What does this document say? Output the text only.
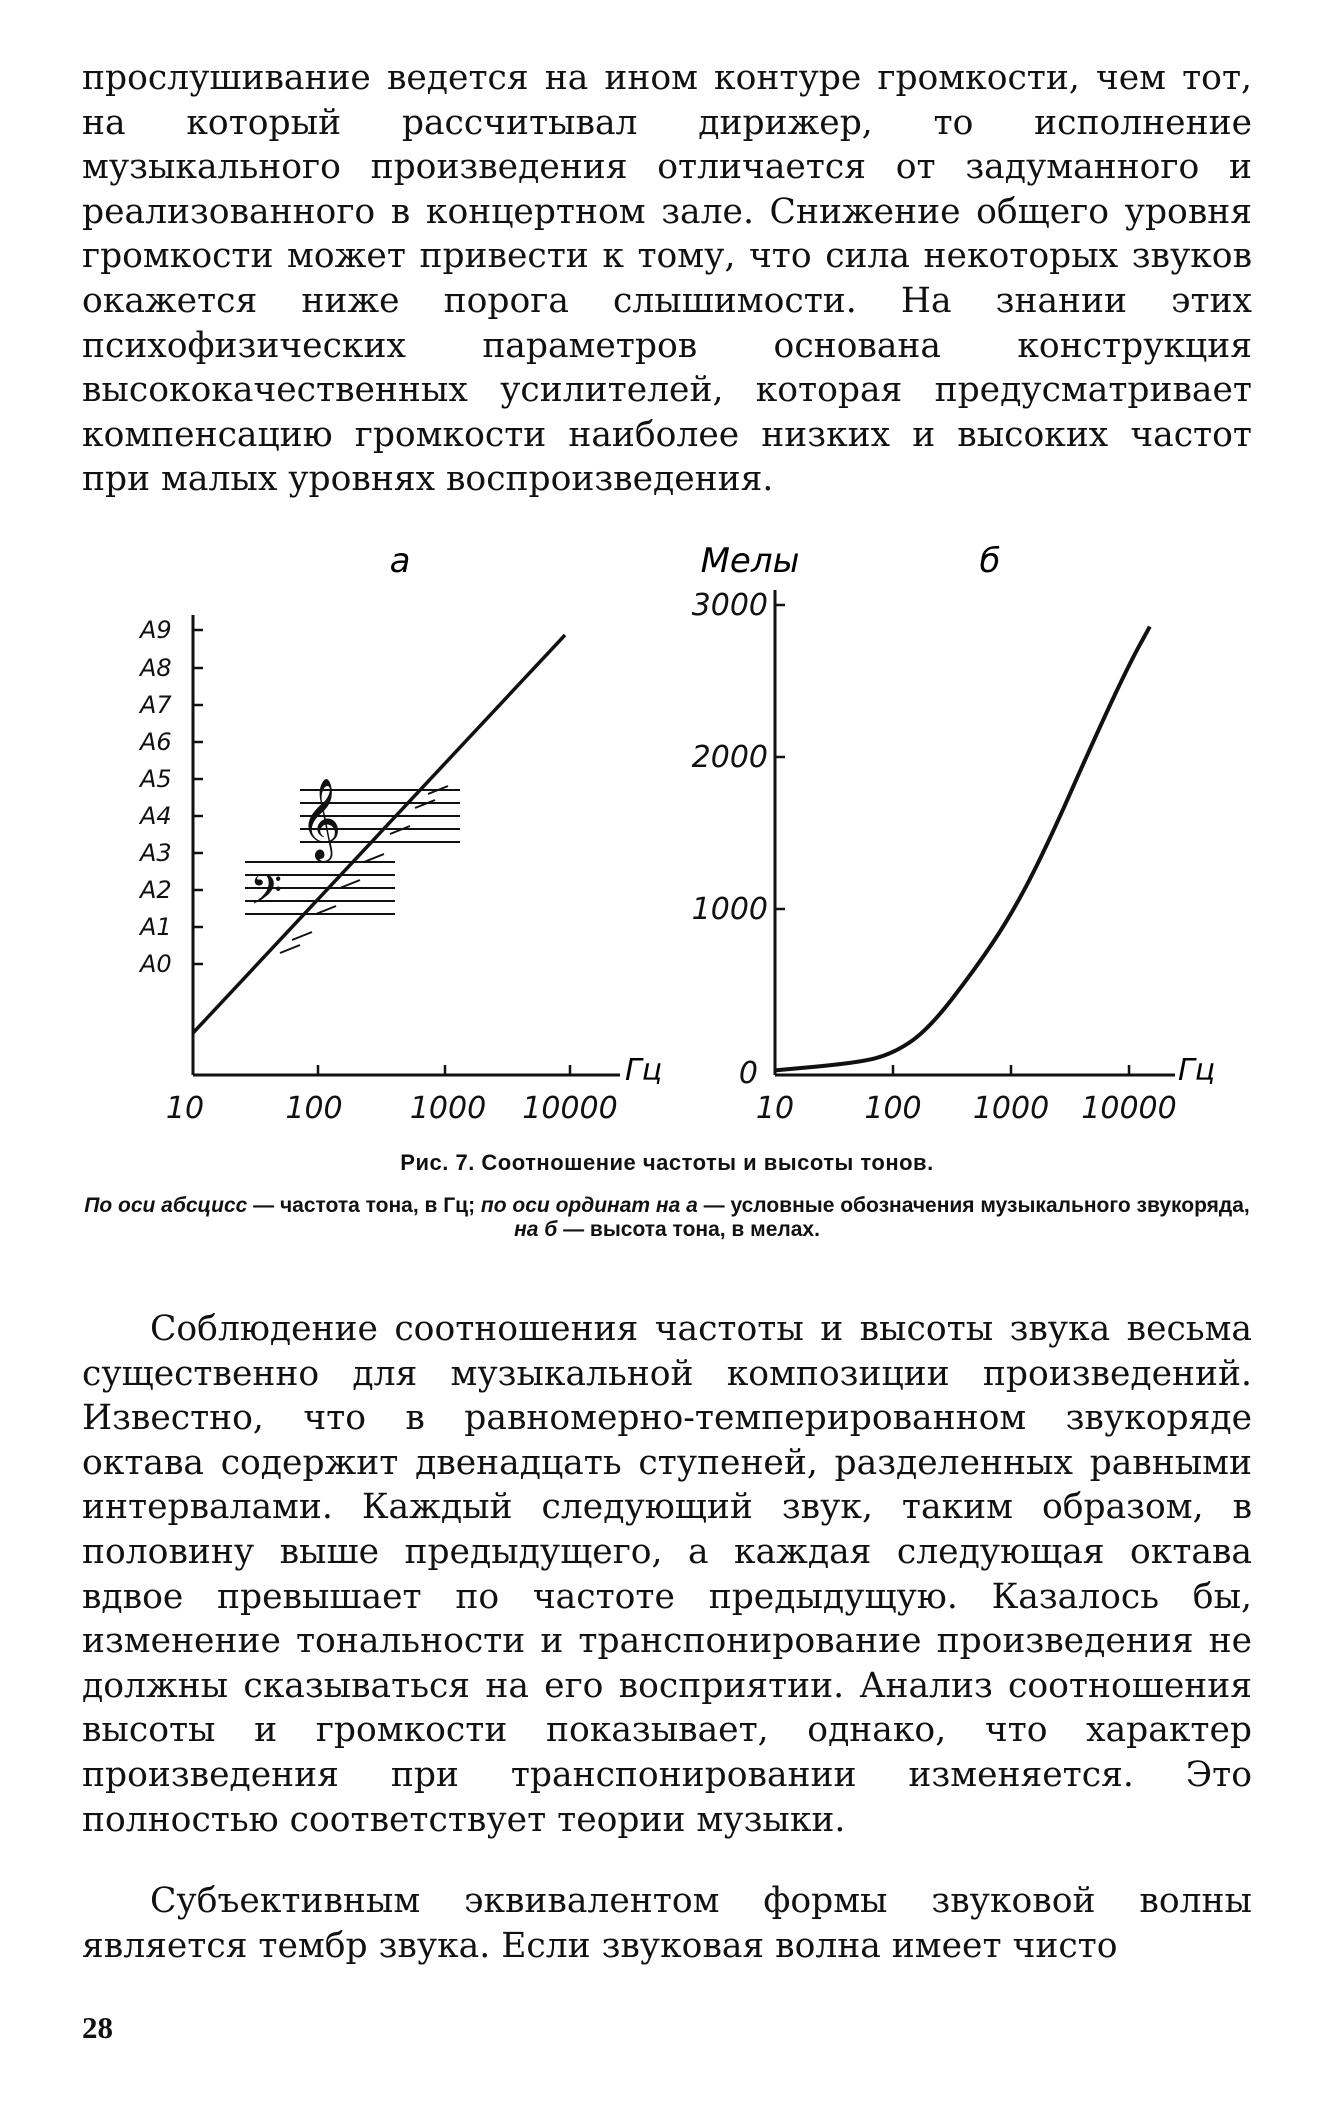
прослушивание ведется на ином контуре громкости, чем тот, на который рассчитывал дирижер, то исполнение музыкального произведения отличается от задуманного и реализованного в концертном зале. Снижение общего уровня громкости может привести к тому, что сила некоторых звуков окажется ниже порога слышимости. На знании этих психофизических параметров основана конструкция высококачественных усилителей, которая предусматривает компенсацию громкости наиболее низких и высоких частот при малых уровнях воспроизведения.

а
A9
A8
A7
A6
A5
A4
A3
A2
A1
A0
10	100 1000 10000
Гц
𝄞
𝄢
Мелы	б
3000
2000
1000
0
10 100 1000 10000
Гц
Рис. 7. Соотношение частоты и высоты тонов.
По оси абсцисс — частота тона, в Гц; по оси ординат на а — условные обозначения музыкального звукоряда, на б — высота тона, в мелах.

Соблюдение соотношения частоты и высоты звука весьма существенно для музыкальной композиции произведений. Известно, что в равномерно-темперированном звукоряде октава содержит двенадцать ступеней, разделенных равными интервалами. Каждый следующий звук, таким образом, в половину выше предыдущего, а каждая следующая октава вдвое превышает по частоте предыдущую. Казалось бы, изменение тональности и транспонирование произведения не должны сказываться на его восприятии. Анализ соотношения высоты и громкости показывает, однако, что характер произведения при транспонировании изменяется. Это полностью соответствует теории музыки.

Субъективным эквивалентом формы звуковой волны является тембр звука. Если звуковая волна имеет чисто

28
